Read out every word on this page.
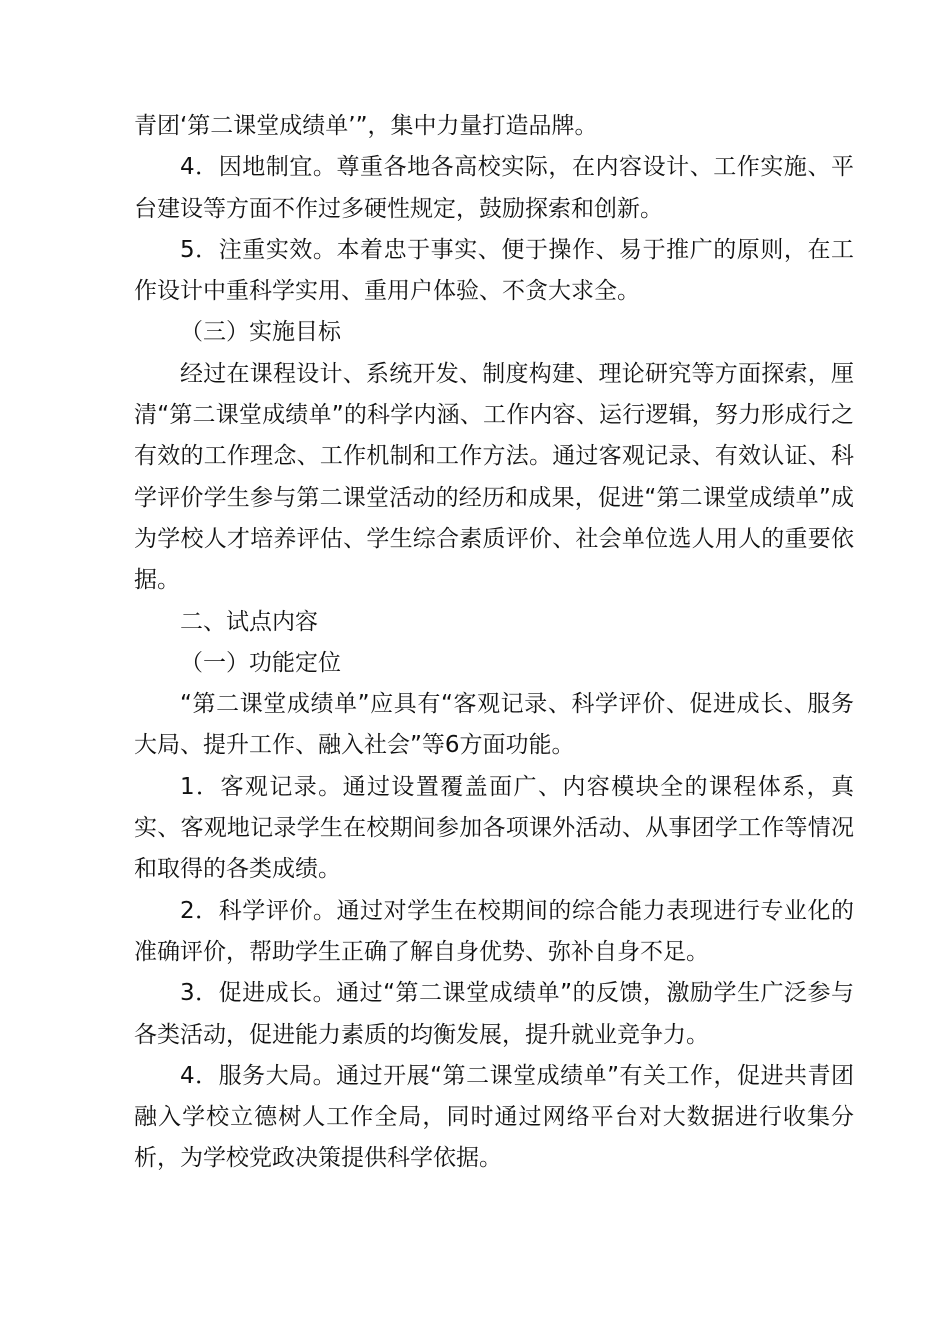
青团‘第二课堂成绩单’”，集中力量打造品牌。

4．因地制宜。尊重各地各高校实际，在内容设计、工作实施、平台建设等方面不作过多硬性规定，鼓励探索和创新。

5．注重实效。本着忠于事实、便于操作、易于推广的原则，在工作设计中重科学实用、重用户体验、不贪大求全。

（三）实施目标

经过在课程设计、系统开发、制度构建、理论研究等方面探索，厘清“第二课堂成绩单”的科学内涵、工作内容、运行逻辑，努力形成行之有效的工作理念、工作机制和工作方法。通过客观记录、有效认证、科学评价学生参与第二课堂活动的经历和成果，促进“第二课堂成绩单”成为学校人才培养评估、学生综合素质评价、社会单位选人用人的重要依据。

二、试点内容

（一）功能定位

“第二课堂成绩单”应具有“客观记录、科学评价、促进成长、服务大局、提升工作、融入社会”等6方面功能。

1．客观记录。通过设置覆盖面广、内容模块全的课程体系，真实、客观地记录学生在校期间参加各项课外活动、从事团学工作等情况和取得的各类成绩。

2．科学评价。通过对学生在校期间的综合能力表现进行专业化的准确评价，帮助学生正确了解自身优势、弥补自身不足。

3．促进成长。通过“第二课堂成绩单”的反馈，激励学生广泛参与各类活动，促进能力素质的均衡发展，提升就业竞争力。

4．服务大局。通过开展“第二课堂成绩单”有关工作，促进共青团融入学校立德树人工作全局，同时通过网络平台对大数据进行收集分析，为学校党政决策提供科学依据。
